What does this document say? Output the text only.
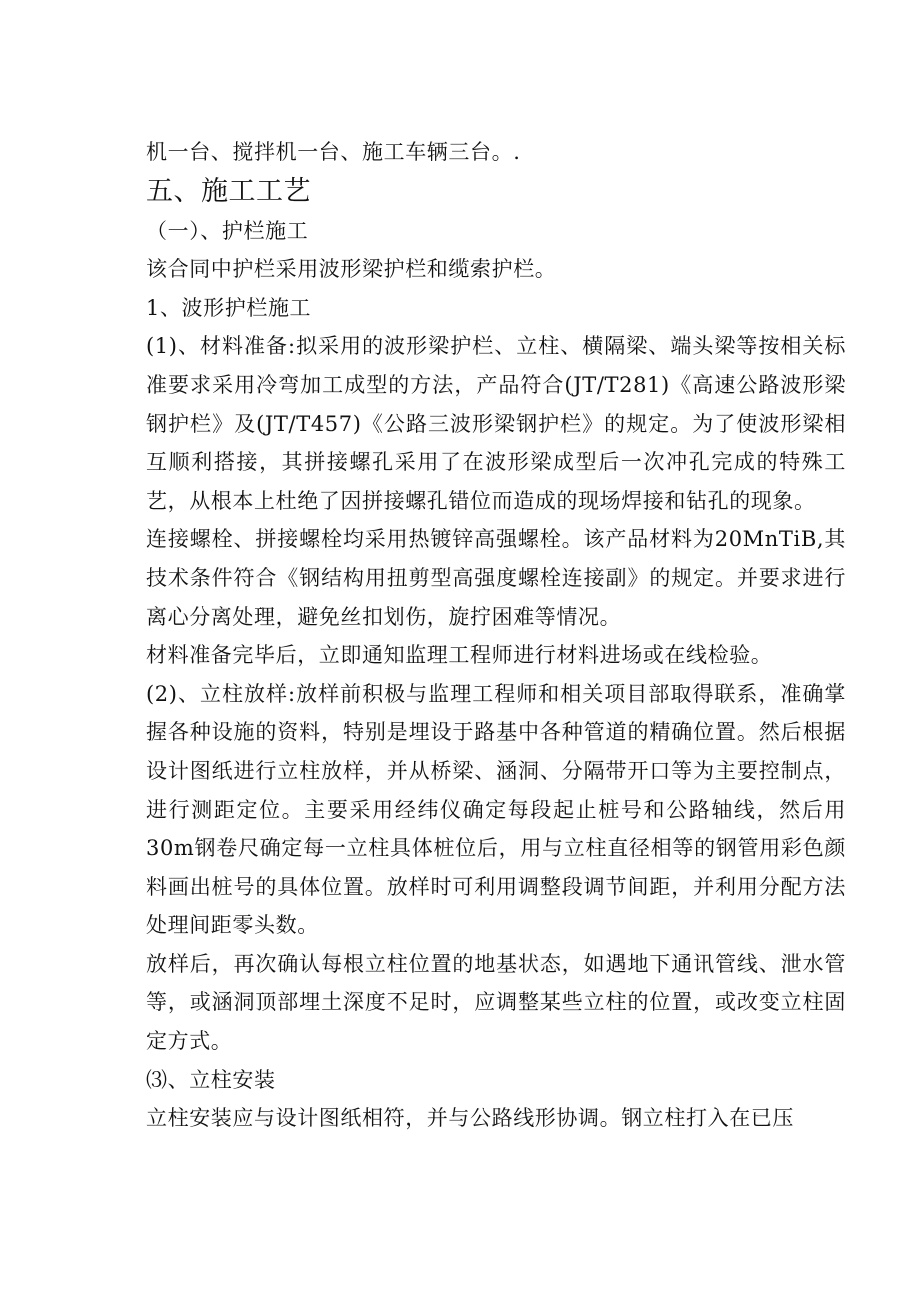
机一台、搅拌机一台、施工车辆三台。.

五、施工工艺

（一）、护栏施工

该合同中护栏采用波形梁护栏和缆索护栏。

1、波形护栏施工

(1)、材料准备:拟采用的波形梁护栏、立柱、横隔梁、端头梁等按相关标准要求采用冷弯加工成型的方法，产品符合(JT/T281)《高速公路波形梁钢护栏》及(JT/T457)《公路三波形梁钢护栏》的规定。为了使波形梁相互顺利搭接，其拼接螺孔采用了在波形梁成型后一次冲孔完成的特殊工艺，从根本上杜绝了因拼接螺孔错位而造成的现场焊接和钻孔的现象。

连接螺栓、拼接螺栓均采用热镀锌高强螺栓。该产品材料为20MnTiB,其技术条件符合《钢结构用扭剪型高强度螺栓连接副》的规定。并要求进行离心分离处理，避免丝扣划伤，旋拧困难等情况。

材料准备完毕后，立即通知监理工程师进行材料进场或在线检验。

(2)、立柱放样:放样前积极与监理工程师和相关项目部取得联系，准确掌握各种设施的资料，特别是埋设于路基中各种管道的精确位置。然后根据设计图纸进行立柱放样，并从桥梁、涵洞、分隔带开口等为主要控制点，进行测距定位。主要采用经纬仪确定每段起止桩号和公路轴线，然后用30m钢卷尺确定每一立柱具体桩位后，用与立柱直径相等的钢管用彩色颜料画出桩号的具体位置。放样时可利用调整段调节间距，并利用分配方法处理间距零头数。

放样后，再次确认每根立柱位置的地基状态，如遇地下通讯管线、泄水管等，或涵洞顶部埋土深度不足时，应调整某些立柱的位置，或改变立柱固定方式。

⑶、立柱安装

立柱安装应与设计图纸相符，并与公路线形协调。钢立柱打入在已压
